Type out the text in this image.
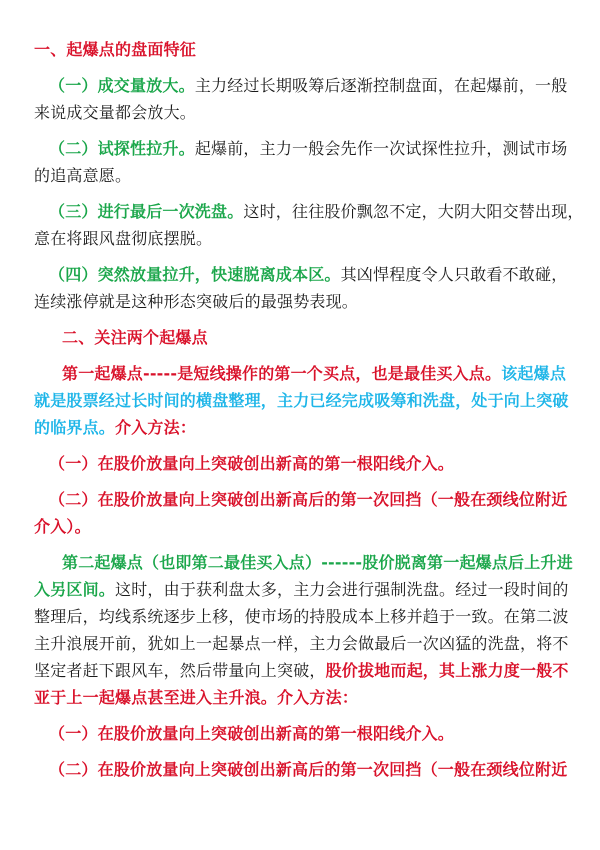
一、起爆点的盘面特征
（一）成交量放大。主力经过长期吸筹后逐渐控制盘面，在起爆前，一般
来说成交量都会放大。
（二）试探性拉升。起爆前，主力一般会先作一次试探性拉升，测试市场
的追高意愿。
（三）进行最后一次洗盘。这时，往往股价飘忽不定，大阴大阳交替出现，
意在将跟风盘彻底摆脱。
（四）突然放量拉升，快速脱离成本区。其凶悍程度令人只敢看不敢碰，
连续涨停就是这种形态突破后的最强势表现。
二、关注两个起爆点
第一起爆点-----是短线操作的第一个买点，也是最佳买入点。该起爆点
就是股票经过长时间的横盘整理，主力已经完成吸筹和洗盘，处于向上突破
的临界点。介入方法：
（一）在股价放量向上突破创出新高的第一根阳线介入。
（二）在股价放量向上突破创出新高后的第一次回挡（一般在颈线位附近
介入）。
第二起爆点（也即第二最佳买入点）------股价脱离第一起爆点后上升进
入另区间。这时，由于获利盘太多，主力会进行强制洗盘。经过一段时间的
整理后，均线系统逐步上移，使市场的持股成本上移并趋于一致。在第二波
主升浪展开前，犹如上一起暴点一样，主力会做最后一次凶猛的洗盘，将不
坚定者赶下跟风车，然后带量向上突破，股价拔地而起，其上涨力度一般不
亚于上一起爆点甚至进入主升浪。介入方法：
（一）在股价放量向上突破创出新高的第一根阳线介入。
（二）在股价放量向上突破创出新高后的第一次回挡（一般在颈线位附近
